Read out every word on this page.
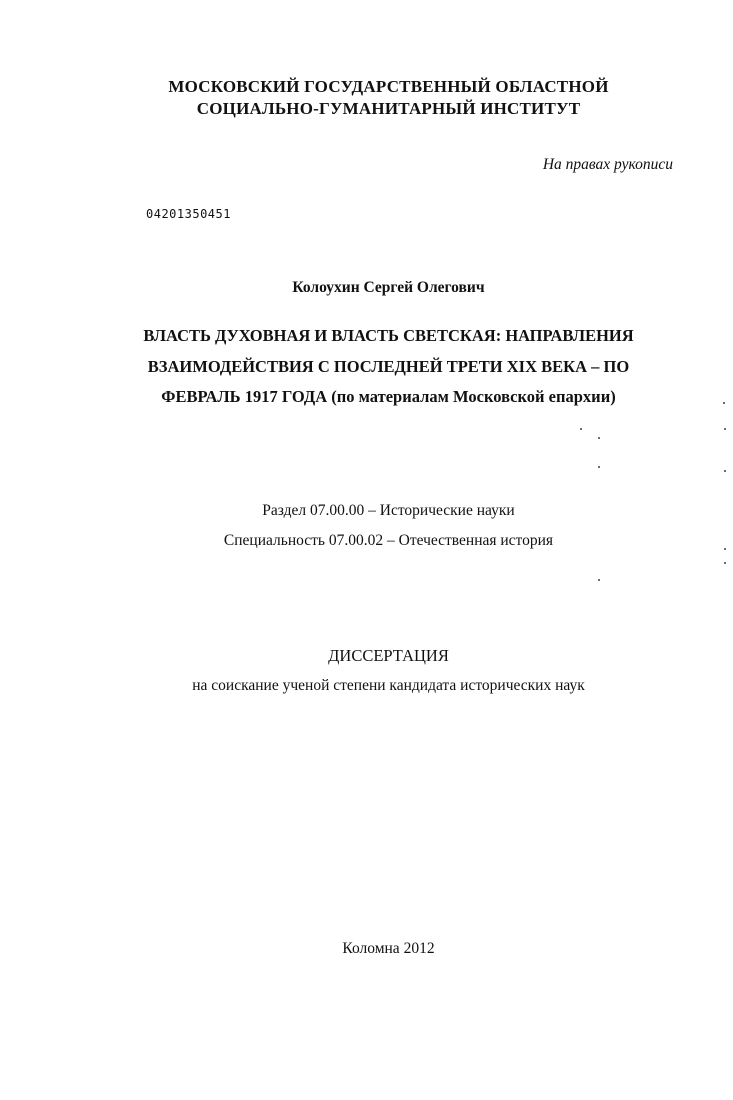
МОСКОВСКИЙ ГОСУДАРСТВЕННЫЙ ОБЛАСТНОЙ
СОЦИАЛЬНО-ГУМАНИТАРНЫЙ ИНСТИТУТ
На правах рукописи
04201350451
Колоухин Сергей Олегович
ВЛАСТЬ ДУХОВНАЯ И ВЛАСТЬ СВЕТСКАЯ: НАПРАВЛЕНИЯ
ВЗАИМОДЕЙСТВИЯ С ПОСЛЕДНЕЙ ТРЕТИ XIX ВЕКА – ПО
ФЕВРАЛЬ 1917 ГОДА (по материалам Московской епархии)
Раздел 07.00.00 – Исторические науки
Специальность 07.00.02 – Отечественная история
ДИССЕРТАЦИЯ
на соискание ученой степени кандидата исторических наук
Коломна 2012
